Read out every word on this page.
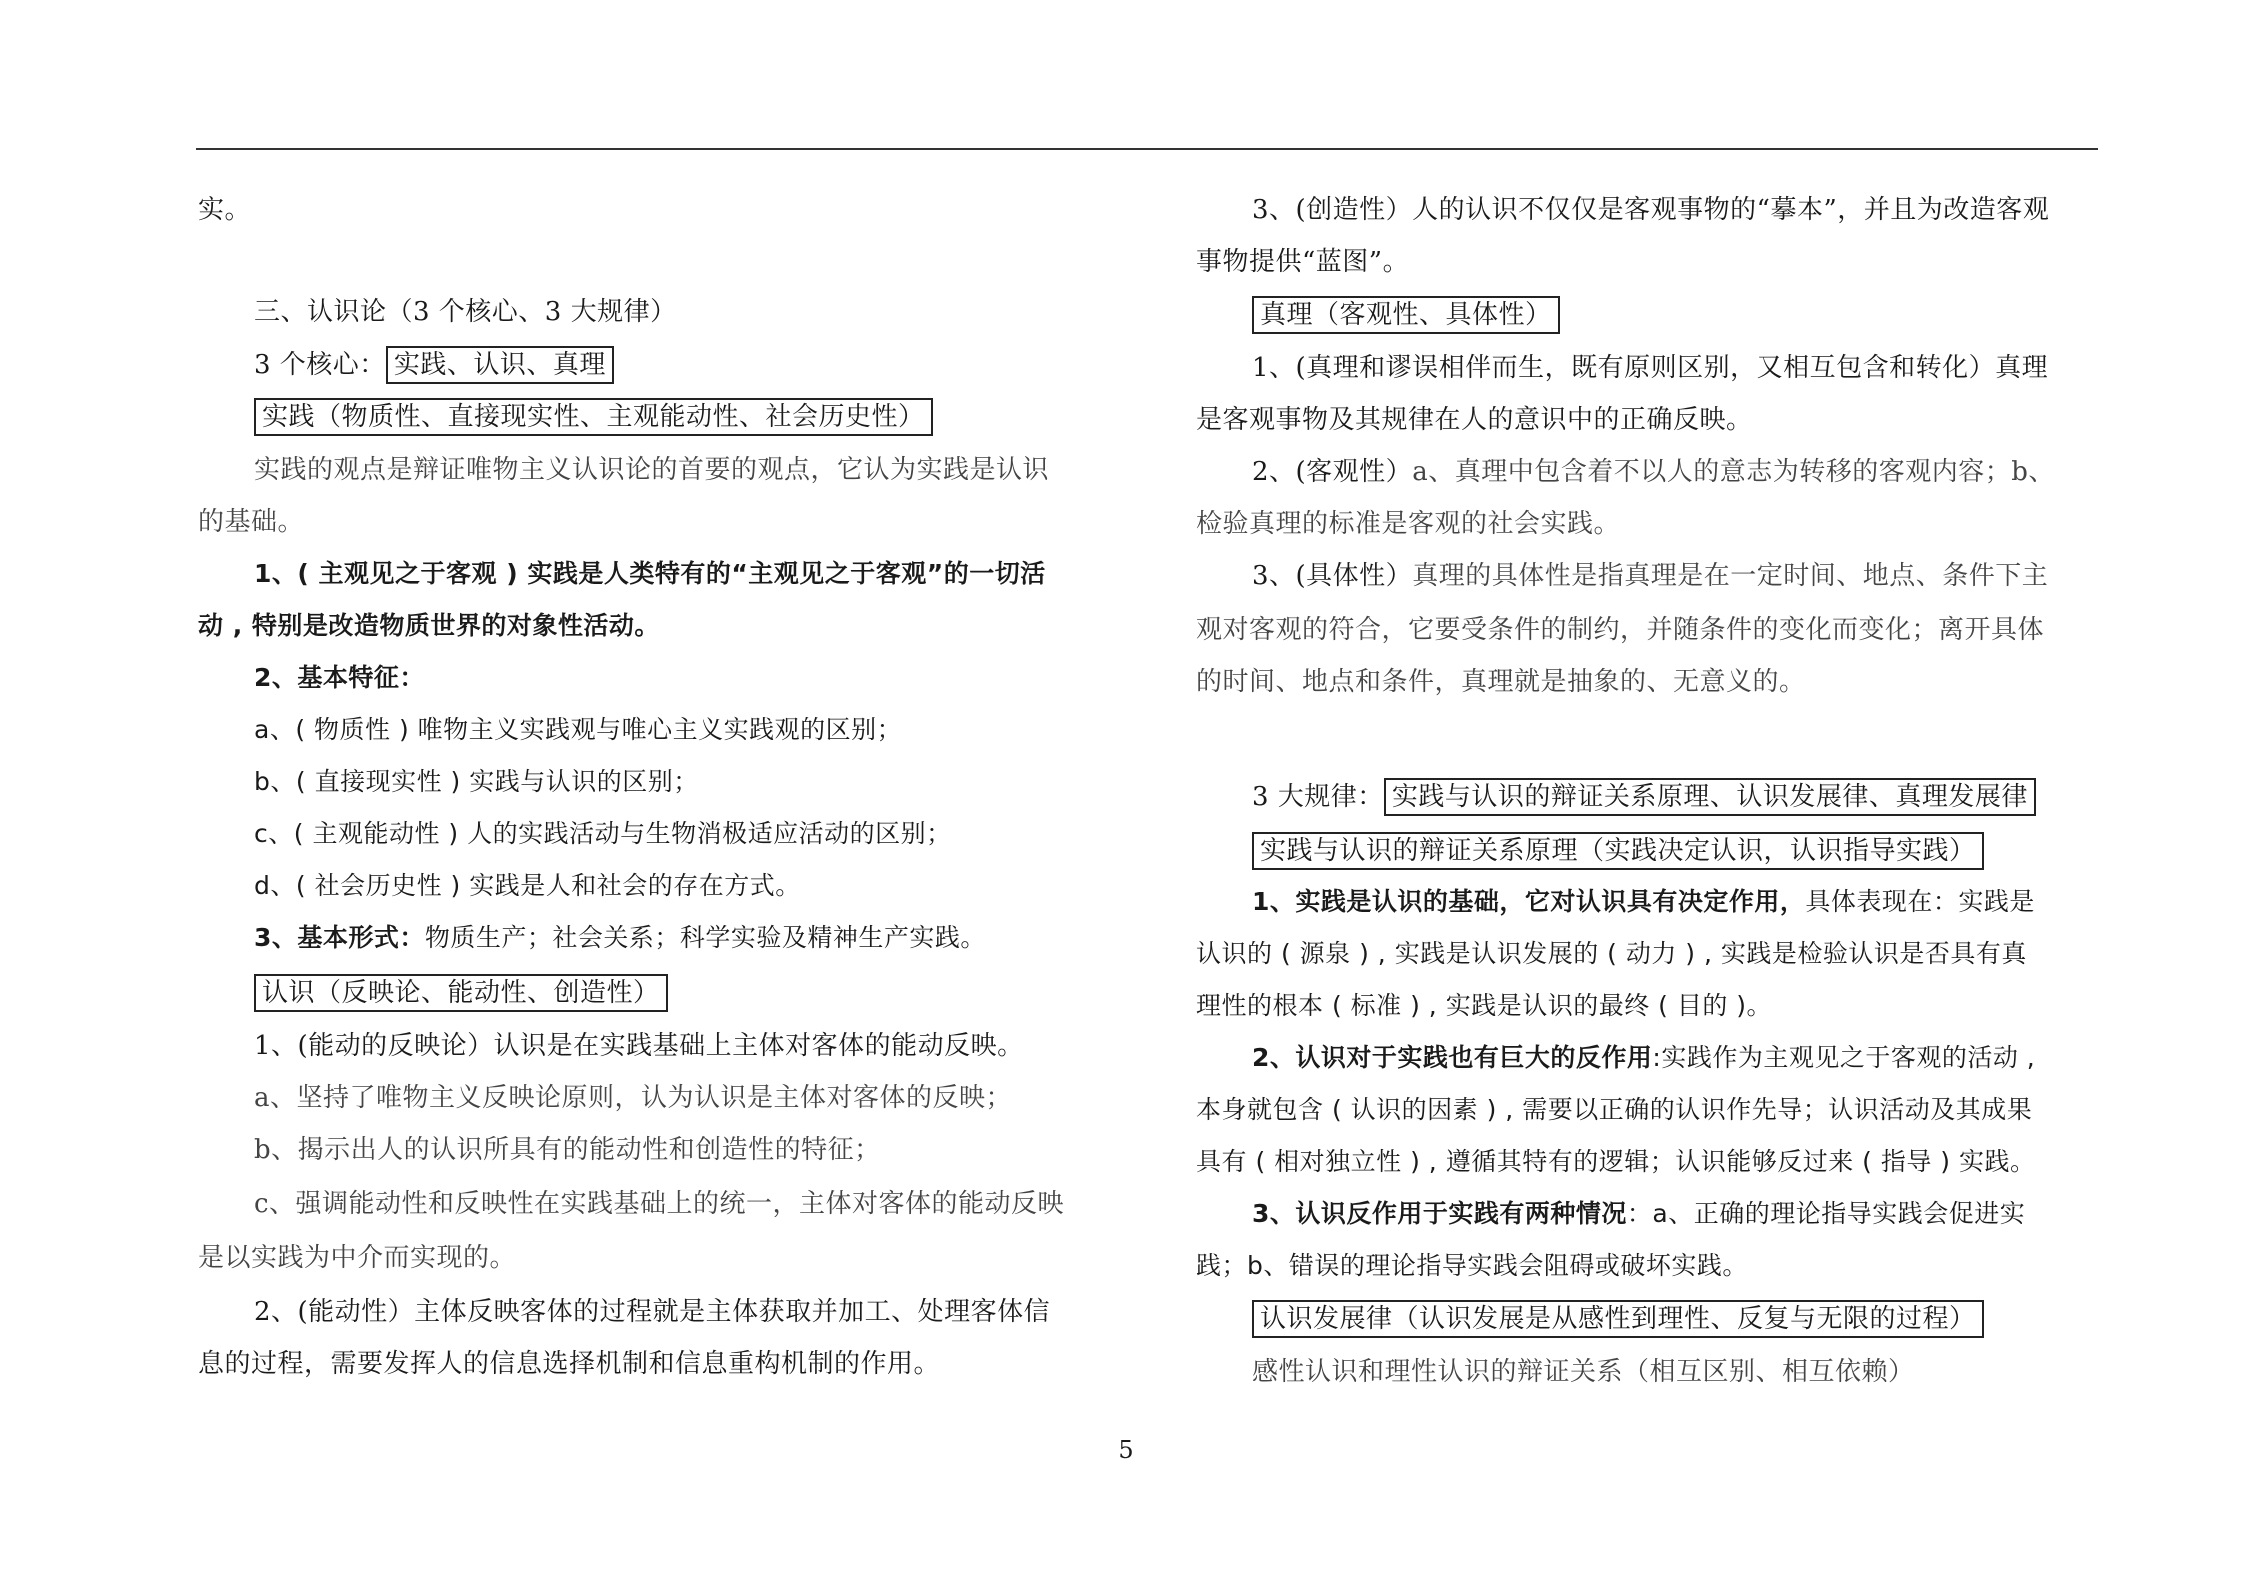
实。
三、认识论（3 个核心、3 大规律）
3 个核心： 实践、认识、真理
实践（物质性、直接现实性、主观能动性、社会历史性）
实践的观点是辩证唯物主义认识论的首要的观点，它认为实践是认识
的基础。
1、( 主观见之于客观 ) 实践是人类特有的“主观见之于客观”的一切活
动 , 特别是改造物质世界的对象性活动。
2、基本特征：
a、( 物质性 ) 唯物主义实践观与唯心主义实践观的区别；
b、( 直接现实性 ) 实践与认识的区别；
c、( 主观能动性 ) 人的实践活动与生物消极适应活动的区别；
d、( 社会历史性 ) 实践是人和社会的存在方式。
3、基本形式：物质生产；社会关系；科学实验及精神生产实践。
认识（反映论、能动性、创造性）
1、(能动的反映论）认识是在实践基础上主体对客体的能动反映。
a、坚持了唯物主义反映论原则，认为认识是主体对客体的反映；
b、揭示出人的认识所具有的能动性和创造性的特征；
c、强调能动性和反映性在实践基础上的统一，主体对客体的能动反映
是以实践为中介而实现的。
2、(能动性）主体反映客体的过程就是主体获取并加工、处理客体信
息的过程，需要发挥人的信息选择机制和信息重构机制的作用。
3、(创造性）人的认识不仅仅是客观事物的“摹本”，并且为改造客观
事物提供“蓝图”。
真理（客观性、具体性）
1、(真理和谬误相伴而生，既有原则区别，又相互包含和转化）真理
是客观事物及其规律在人的意识中的正确反映。
2、(客观性）a、真理中包含着不以人的意志为转移的客观内容；b、
检验真理的标准是客观的社会实践。
3、(具体性）真理的具体性是指真理是在一定时间、地点、条件下主
观对客观的符合，它要受条件的制约，并随条件的变化而变化；离开具体
的时间、地点和条件，真理就是抽象的、无意义的。
3 大规律： 实践与认识的辩证关系原理、认识发展律、真理发展律
实践与认识的辩证关系原理（实践决定认识，认识指导实践）
1、实践是认识的基础，它对认识具有决定作用，具体表现在：实践是
认识的 ( 源泉 ) , 实践是认识发展的 ( 动力 ) , 实践是检验认识是否具有真
理性的根本 ( 标准 ) , 实践是认识的最终 ( 目的 )。
2、认识对于实践也有巨大的反作用:实践作为主观见之于客观的活动 ,
本身就包含 ( 认识的因素 ) , 需要以正确的认识作先导；认识活动及其成果
具有 ( 相对独立性 ) , 遵循其特有的逻辑；认识能够反过来 ( 指导 ) 实践。
3、认识反作用于实践有两种情况：a、正确的理论指导实践会促进实
践；b、错误的理论指导实践会阻碍或破坏实践。
认识发展律（认识发展是从感性到理性、反复与无限的过程）
感性认识和理性认识的辩证关系（相互区别、相互依赖）
5
